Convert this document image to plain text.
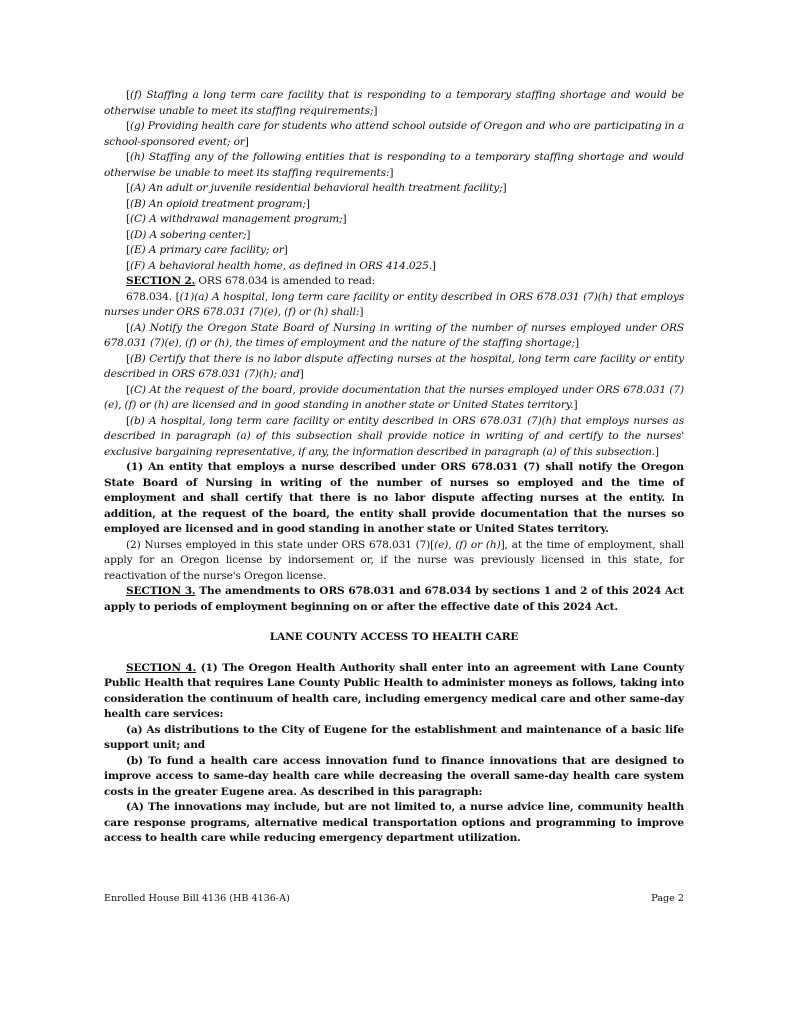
[(f) Staffing a long term care facility that is responding to a temporary staffing shortage and would be otherwise unable to meet its staffing requirements;]

[(g) Providing health care for students who attend school outside of Oregon and who are participating in a school-sponsored event; or]

[(h) Staffing any of the following entities that is responding to a temporary staffing shortage and would otherwise be unable to meet its staffing requirements:]

[(A) An adult or juvenile residential behavioral health treatment facility;]

[(B) An opioid treatment program;]

[(C) A withdrawal management program;]

[(D) A sobering center;]

[(E) A primary care facility; or]

[(F) A behavioral health home, as defined in ORS 414.025.]

SECTION 2. ORS 678.034 is amended to read:

678.034. [(1)(a) A hospital, long term care facility or entity described in ORS 678.031 (7)(h) that employs nurses under ORS 678.031 (7)(e), (f) or (h) shall:]

[(A) Notify the Oregon State Board of Nursing in writing of the number of nurses employed under ORS 678.031 (7)(e), (f) or (h), the times of employment and the nature of the staffing shortage;]

[(B) Certify that there is no labor dispute affecting nurses at the hospital, long term care facility or entity described in ORS 678.031 (7)(h); and]

[(C) At the request of the board, provide documentation that the nurses employed under ORS 678.031 (7)(e), (f) or (h) are licensed and in good standing in another state or United States territory.]

[(b) A hospital, long term care facility or entity described in ORS 678.031 (7)(h) that employs nurses as described in paragraph (a) of this subsection shall provide notice in writing of and certify to the nurses' exclusive bargaining representative, if any, the information described in paragraph (a) of this subsection.]

(1) An entity that employs a nurse described under ORS 678.031 (7) shall notify the Oregon State Board of Nursing in writing of the number of nurses so employed and the time of employment and shall certify that there is no labor dispute affecting nurses at the entity. In addition, at the request of the board, the entity shall provide documentation that the nurses so employed are licensed and in good standing in another state or United States territory.

(2) Nurses employed in this state under ORS 678.031 (7)[(e), (f) or (h)], at the time of employment, shall apply for an Oregon license by indorsement or, if the nurse was previously licensed in this state, for reactivation of the nurse's Oregon license.

SECTION 3. The amendments to ORS 678.031 and 678.034 by sections 1 and 2 of this 2024 Act apply to periods of employment beginning on or after the effective date of this 2024 Act.

LANE COUNTY ACCESS TO HEALTH CARE

SECTION 4. (1) The Oregon Health Authority shall enter into an agreement with Lane County Public Health that requires Lane County Public Health to administer moneys as follows, taking into consideration the continuum of health care, including emergency medical care and other same-day health care services:

(a) As distributions to the City of Eugene for the establishment and maintenance of a basic life support unit; and

(b) To fund a health care access innovation fund to finance innovations that are designed to improve access to same-day health care while decreasing the overall same-day health care system costs in the greater Eugene area. As described in this paragraph:

(A) The innovations may include, but are not limited to, a nurse advice line, community health care response programs, alternative medical transportation options and programming to improve access to health care while reducing emergency department utilization.

Enrolled House Bill 4136 (HB 4136-A)	Page 2
